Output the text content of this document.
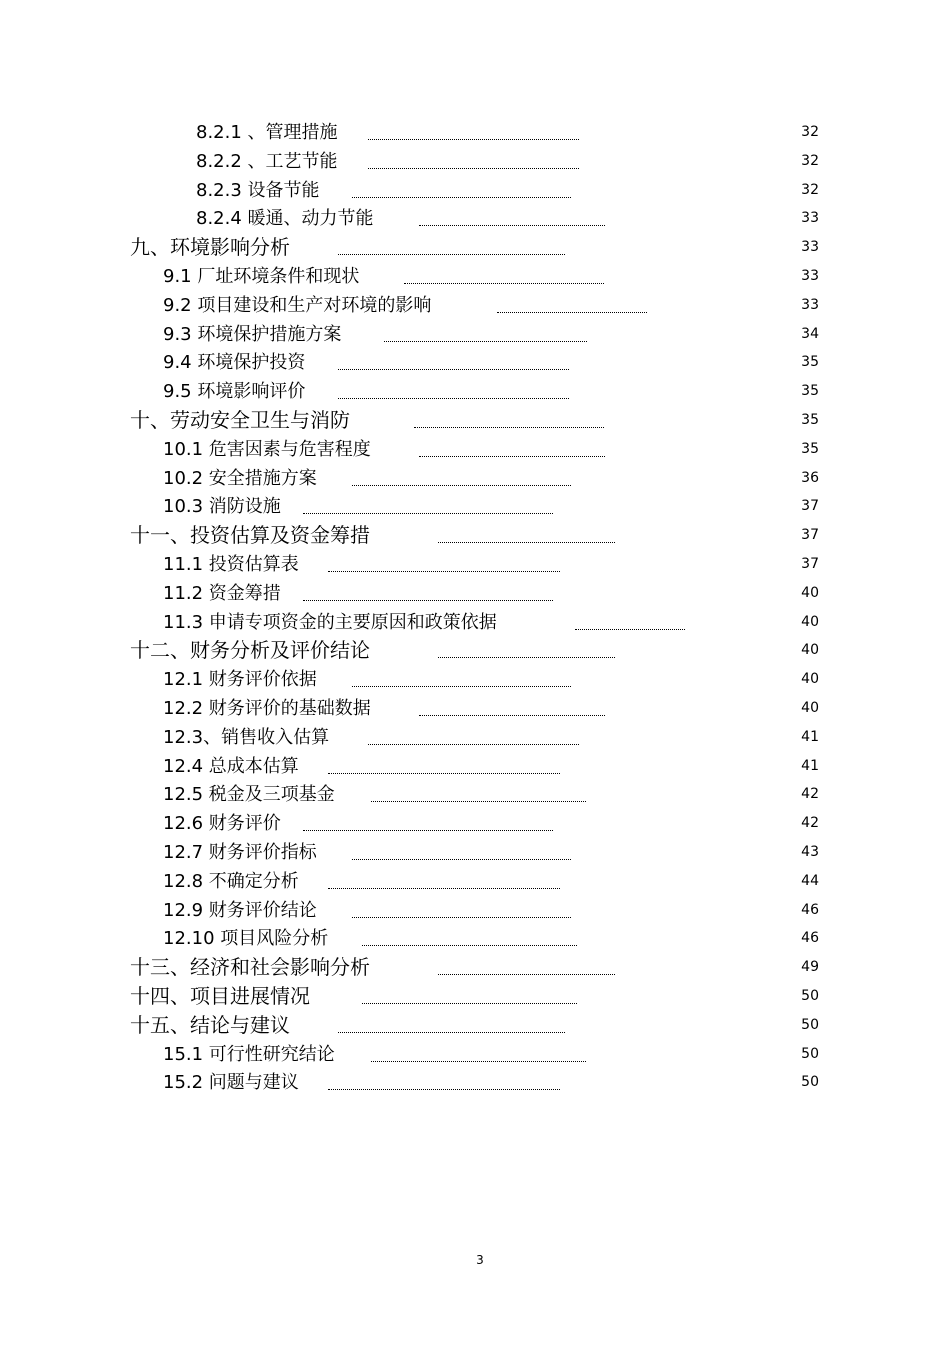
8.2.1 、管理措施	32
8.2.2 、工艺节能	32
8.2.3 设备节能	32
8.2.4 暖通、动力节能	33
九、环境影响分析	33
9.1 厂址环境条件和现状	33
9.2 项目建设和生产对环境的影响	33
9.3 环境保护措施方案	34
9.4 环境保护投资	35
9.5 环境影响评价	35
十、劳动安全卫生与消防	35
10.1 危害因素与危害程度	35
10.2 安全措施方案	36
10.3 消防设施	37
十一、投资估算及资金筹措	37
11.1 投资估算表	37
11.2 资金筹措	40
11.3 申请专项资金的主要原因和政策依据	40
十二、财务分析及评价结论	40
12.1 财务评价依据	40
12.2 财务评价的基础数据	40
12.3、销售收入估算	41
12.4 总成本估算	41
12.5 税金及三项基金	42
12.6 财务评价	42
12.7 财务评价指标	43
12.8 不确定分析	44
12.9 财务评价结论	46
12.10 项目风险分析	46
十三、经济和社会影响分析	49
十四、项目进展情况	50
十五、结论与建议	50
15.1 可行性研究结论	50
15.2 问题与建议	50
3
